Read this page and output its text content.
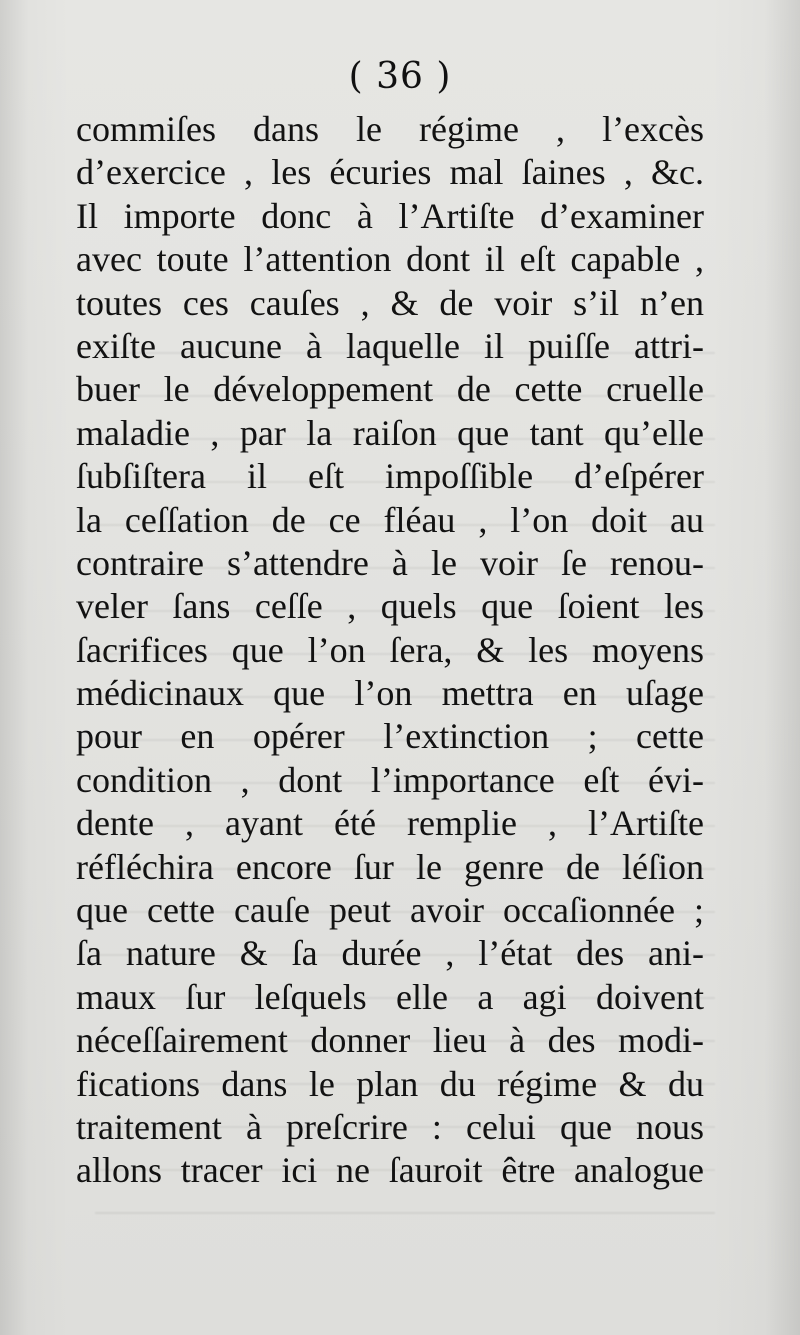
( 36 )
commiſes dans le régime , l’excès
d’exercice , les écuries mal ſaines , &c.
Il importe donc à l’Artiſte d’examiner
avec toute l’attention dont il eſt capable ,
toutes ces cauſes , & de voir s’il n’en
exiſte aucune à laquelle il puiſſe attri-
buer le développement de cette cruelle
maladie , par la raiſon que tant qu’elle
ſubſiſtera il eſt impoſſible d’eſpérer
la ceſſation de ce fléau , l’on doit au
contraire s’attendre à le voir ſe renou-
veler ſans ceſſe , quels que ſoient les
ſacrifices que l’on ſera, & les moyens
médicinaux que l’on mettra en uſage
pour en opérer l’extinction ; cette
condition , dont l’importance eſt évi-
dente , ayant été remplie , l’Artiſte
réfléchira encore ſur le genre de léſion
que cette cauſe peut avoir occaſionnée ;
ſa nature & ſa durée , l’état des ani-
maux ſur leſquels elle a agi doivent
néceſſairement donner lieu à des modi-
fications dans le plan du régime & du
traitement à preſcrire : celui que nous
allons tracer ici ne ſauroit être analogue
